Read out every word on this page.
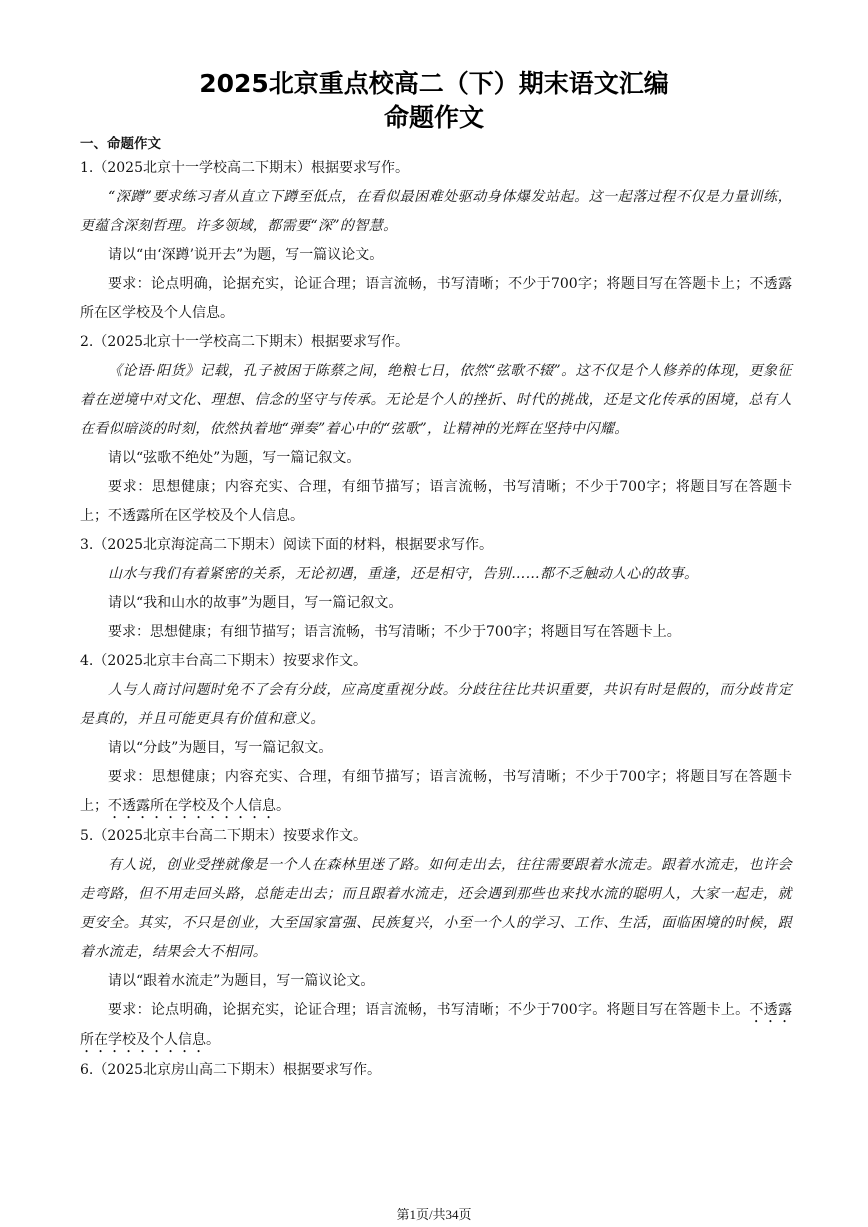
2025北京重点校高二（下）期末语文汇编
命题作文

一、命题作文

1.（2025北京十一学校高二下期末）根据要求写作。

“深蹲”要求练习者从直立下蹲至低点，在看似最困难处驱动身体爆发站起。这一起落过程不仅是力量训练，更蕴含深刻哲理。许多领域，都需要“深”的智慧。

请以“由‘深蹲’说开去”为题，写一篇议论文。

要求：论点明确，论据充实，论证合理；语言流畅，书写清晰；不少于700字；将题目写在答题卡上；不透露所在区学校及个人信息。

2.（2025北京十一学校高二下期末）根据要求写作。

《论语·阳货》记载，孔子被困于陈蔡之间，绝粮七日，依然“弦歌不辍”。这不仅是个人修养的体现，更象征着在逆境中对文化、理想、信念的坚守与传承。无论是个人的挫折、时代的挑战，还是文化传承的困境，总有人在看似暗淡的时刻，依然执着地“弹奏”着心中的“弦歌”，让精神的光辉在坚持中闪耀。

请以“弦歌不绝处”为题，写一篇记叙文。

要求：思想健康；内容充实、合理，有细节描写；语言流畅，书写清晰；不少于700字；将题目写在答题卡上；不透露所在区学校及个人信息。

3.（2025北京海淀高二下期末）阅读下面的材料，根据要求写作。

山水与我们有着紧密的关系，无论初遇，重逢，还是相守，告别……都不乏触动人心的故事。

请以“我和山水的故事”为题目，写一篇记叙文。

要求：思想健康；有细节描写；语言流畅，书写清晰；不少于700字；将题目写在答题卡上。

4.（2025北京丰台高二下期末）按要求作文。

人与人商讨问题时免不了会有分歧，应高度重视分歧。分歧往往比共识重要，共识有时是假的，而分歧肯定是真的，并且可能更具有价值和意义。

请以“分歧”为题目，写一篇记叙文。

要求：思想健康；内容充实、合理，有细节描写；语言流畅，书写清晰；不少于700字；将题目写在答题卡上；不透露所在学校及个人信息。

5.（2025北京丰台高二下期末）按要求作文。

有人说，创业受挫就像是一个人在森林里迷了路。如何走出去，往往需要跟着水流走。跟着水流走，也许会走弯路，但不用走回头路，总能走出去；而且跟着水流走，还会遇到那些也来找水流的聪明人，大家一起走，就更安全。其实，不只是创业，大至国家富强、民族复兴，小至一个人的学习、工作、生活，面临困境的时候，跟着水流走，结果会大不相同。

请以“跟着水流走”为题目，写一篇议论文。

要求：论点明确，论据充实，论证合理；语言流畅，书写清晰；不少于700字。将题目写在答题卡上。不透露所在学校及个人信息。

6.（2025北京房山高二下期末）根据要求写作。

第1页/共34页
